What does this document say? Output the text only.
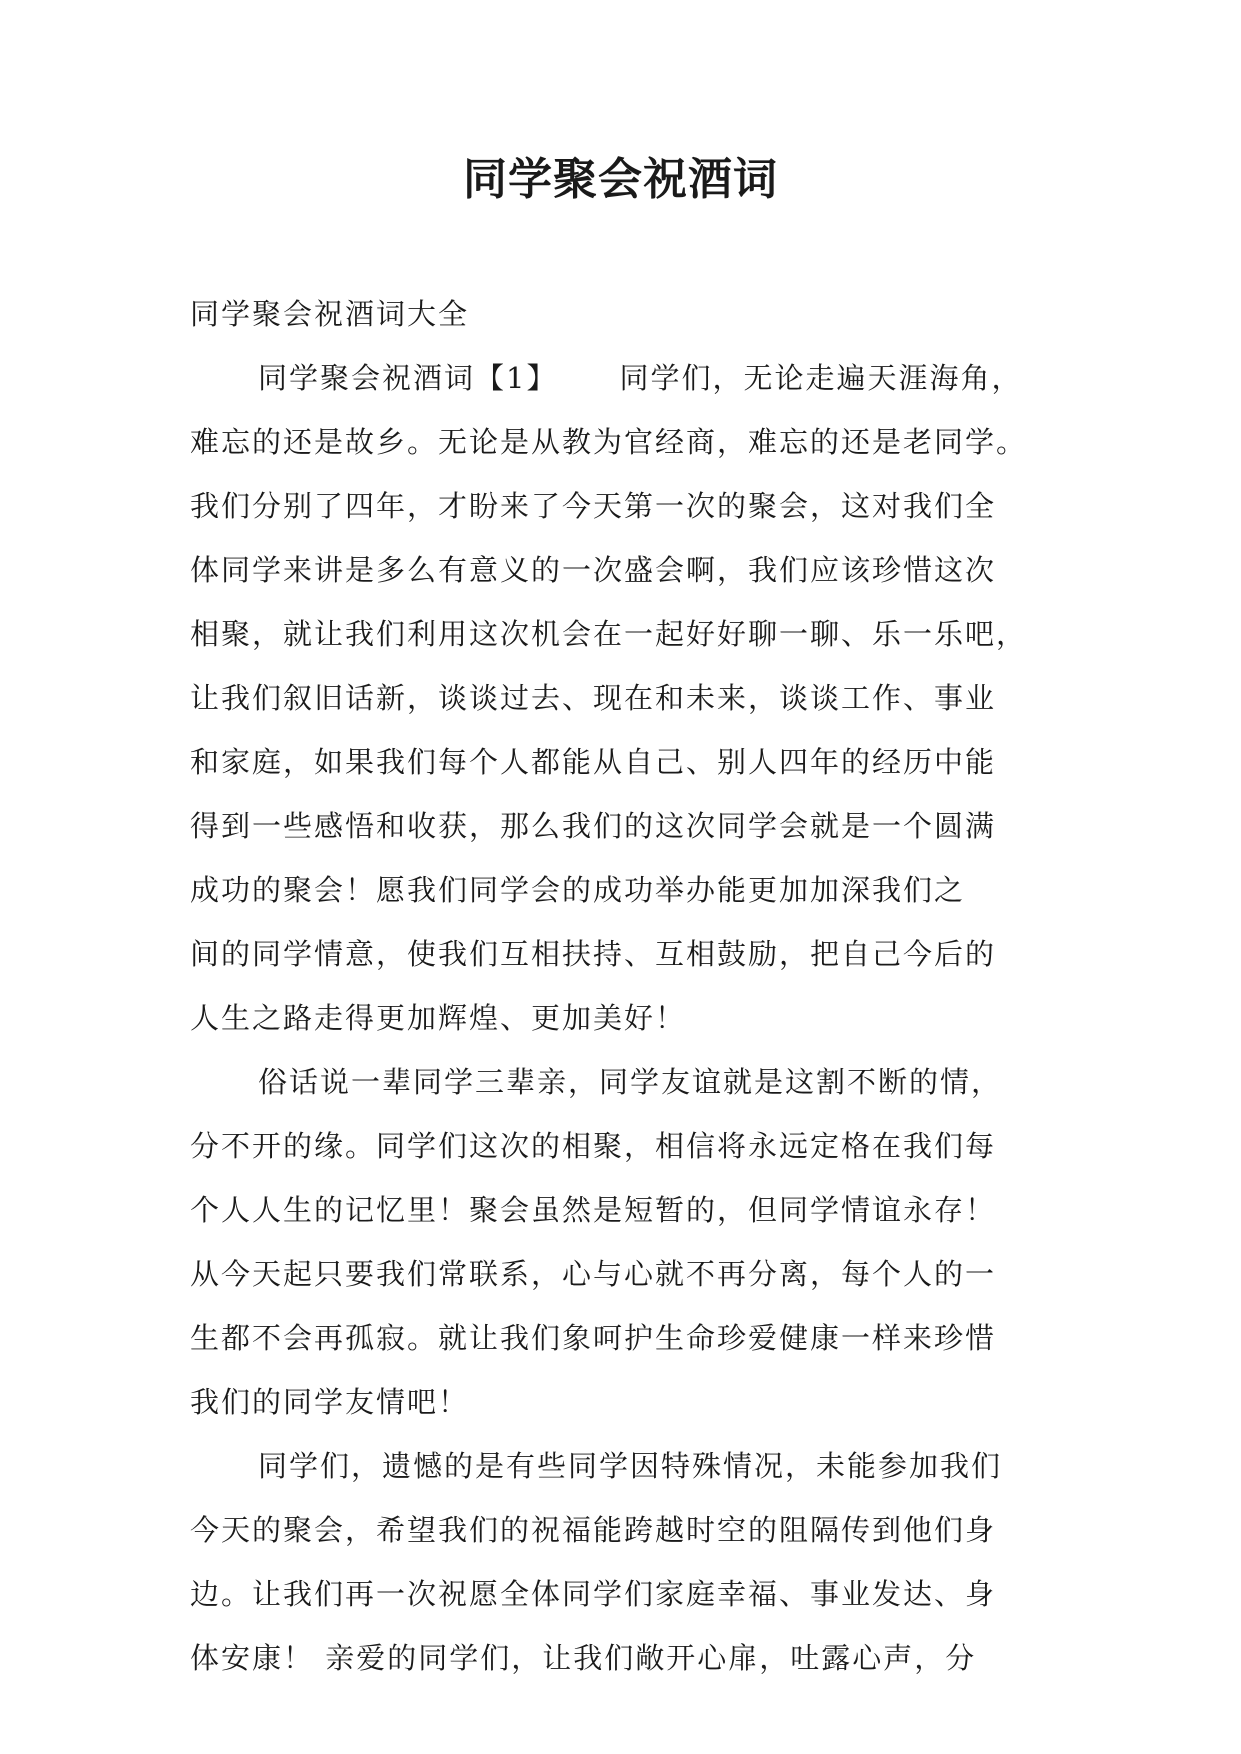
同学聚会祝酒词

同学聚会祝酒词大全

同学聚会祝酒词【1】 同学们，无论走遍天涯海角，
难忘的还是故乡。无论是从教为官经商，难忘的还是老同学。
我们分别了四年，才盼来了今天第一次的聚会，这对我们全
体同学来讲是多么有意义的一次盛会啊，我们应该珍惜这次
相聚，就让我们利用这次机会在一起好好聊一聊、乐一乐吧，
让我们叙旧话新，谈谈过去、现在和未来，谈谈工作、事业
和家庭，如果我们每个人都能从自己、别人四年的经历中能
得到一些感悟和收获，那么我们的这次同学会就是一个圆满
成功的聚会！愿我们同学会的成功举办能更加加深我们之
间的同学情意，使我们互相扶持、互相鼓励，把自己今后的
人生之路走得更加辉煌、更加美好！
俗话说一辈同学三辈亲，同学友谊就是这割不断的情，
分不开的缘。同学们这次的相聚，相信将永远定格在我们每
个人人生的记忆里！聚会虽然是短暂的，但同学情谊永存！
从今天起只要我们常联系，心与心就不再分离，每个人的一
生都不会再孤寂。就让我们象呵护生命珍爱健康一样来珍惜
我们的同学友情吧！
同学们，遗憾的是有些同学因特殊情况，未能参加我们
今天的聚会，希望我们的祝福能跨越时空的阻隔传到他们身
边。让我们再一次祝愿全体同学们家庭幸福、事业发达、身
体安康！ 亲爱的同学们，让我们敞开心扉，吐露心声，分
